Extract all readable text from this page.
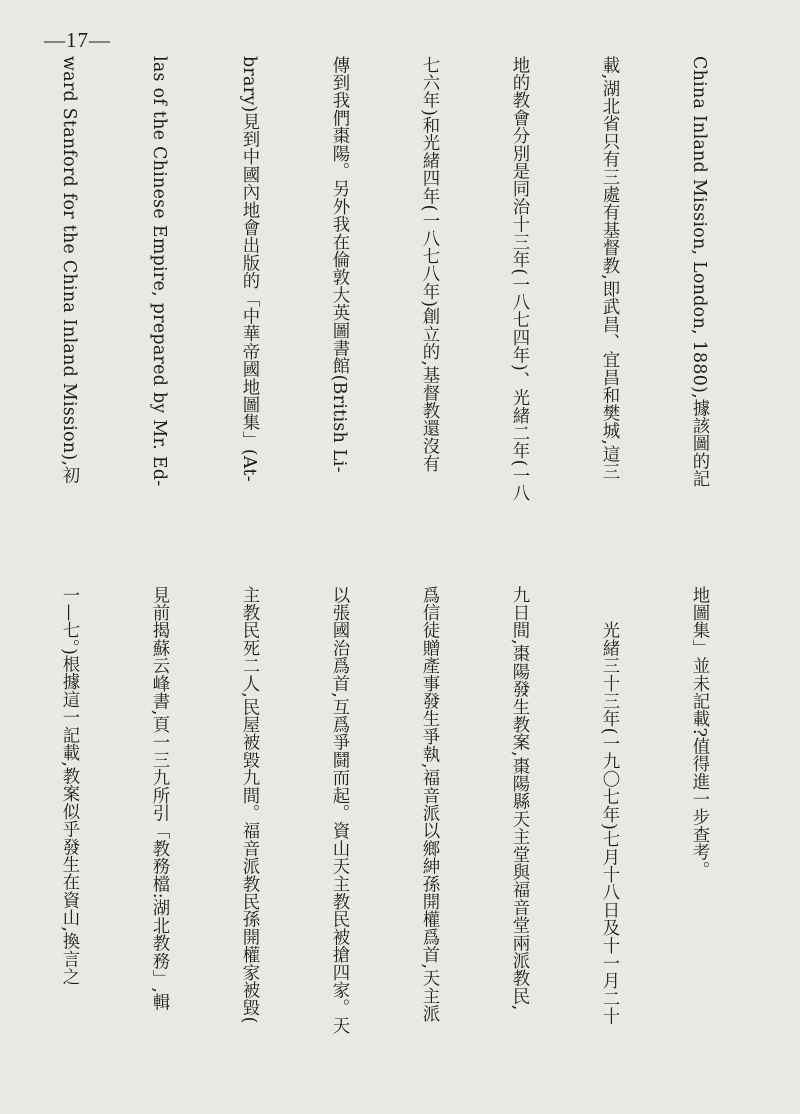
—17—

China Inland Mission, London, 1880),據該圖的記

載,湖北省只有三處有基督教,即武昌、宜昌和樊城,這三

地的教會分別是同治十三年(一八七四年)、光緒二年(一八

七六年)和光緒四年(一八七八年)創立的,基督教還沒有

傳到我們棗陽。另外我在倫敦大英圖書館(British Li-

brary)見到中國內地會出版的「中華帝國地圖集」(At-

las of the Chinese Empire, prepared by Mr. Ed-

ward Stanford for the China Inland Mission),初

地圖集」並未記載?值得進一步查考。

　　光緒三十三年(一九〇七年)七月十八日及十一月二十

九日間,棗陽發生教案,棗陽縣天主堂與福音堂兩派教民,

爲信徒贈產事發生爭執,福音派以鄉紳孫開權爲首,天主派

以張國治爲首,互爲爭鬪而起。資山天主教民被搶四家。天

主教民死二人,民屋被毀九間。福音派教民孫開權家被毀(

見前揭蘇云峰書,頁一三九所引「教務檔:湖北教務」,輯

一—七。)根據這一記載,教案似乎發生在資山,換言之
